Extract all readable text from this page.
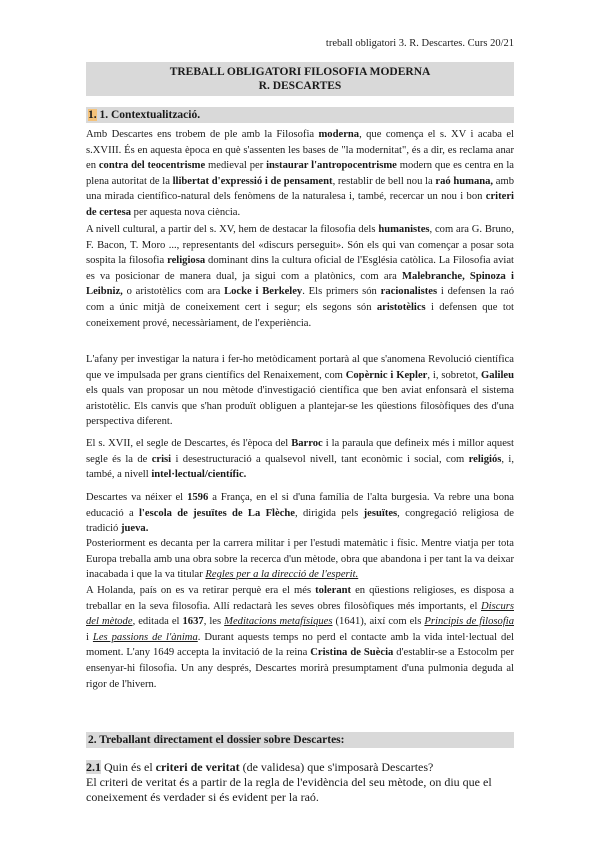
treball obligatori 3. R. Descartes. Curs 20/21
TREBALL OBLIGATORI FILOSOFIA MODERNA
R. DESCARTES
1. 1. Contextualització.
Amb Descartes ens trobem de ple amb la Filosofia moderna, que comença el s. XV i acaba el s.XVIII. És en aquesta època en què s'assenten les bases de "la modernitat", és a dir, es reclama anar en contra del teocentrisme medieval per instaurar l'antropocentrisme modern que es centra en la plena autoritat de la llibertat d'expressió i de pensament, restablir de bell nou la raó humana, amb una mirada científico-natural dels fenòmens de la naturalesa i, també, recercar un nou i bon criteri de certesa per aquesta nova ciència.
A nivell cultural, a partir del s. XV, hem de destacar la filosofia dels humanistes, com ara G. Bruno, F. Bacon, T. Moro ..., representants del «discurs perseguit». Són els qui van començar a posar sota sospita la filosofia religiosa dominant dins la cultura oficial de l'Església catòlica. La Filosofia aviat es va posicionar de manera dual, ja sigui com a platònics, com ara Malebranche, Spinoza i Leibniz, o aristotèlics com ara Locke i Berkeley. Els primers són racionalistes i defensen la raó com a únic mitjà de coneixement cert i segur; els segons són aristotèlics i defensen que tot coneixement prové, necessàriament, de l'experiència.
L'afany per investigar la natura i fer-ho metòdicament portarà al que s'anomena Revolució científica que ve impulsada per grans científics del Renaixement, com Copèrnic i Kepler, i, sobretot, Galileu els quals van proposar un nou mètode d'investigació científica que ben aviat enfonsarà el sistema aristotèlic. Els canvis que s'han produït obliguen a plantejar-se les qüestions filosòfiques des d'una perspectiva diferent.
El s. XVII, el segle de Descartes, és l'època del Barroc i la paraula que defineix més i millor aquest segle és la de crisi i desestructuració a qualsevol nivell, tant econòmic i social, com religiós, i, també, a nivell intel·lectual/científic.
Descartes va néixer el 1596 a França, en el si d'una família de l'alta burgesia. Va rebre una bona educació a l'escola de jesuïtes de La Flèche, dirigida pels jesuïtes, congregació religiosa de tradició jueva.
Posteriorment es decanta per la carrera militar i per l'estudi matemàtic i físic. Mentre viatja per tota Europa treballa amb una obra sobre la recerca d'un mètode, obra que abandona i per tant la va deixar inacabada i que la va titular Regles per a la direcció de l'esperit.
A Holanda, país on es va retirar perquè era el més tolerant en qüestions religioses, es disposa a treballar en la seva filosofia. Allí redactarà les seves obres filosòfiques més importants, el Discurs del mètode, editada el 1637, les Meditacions metafísiques (1641), així com els Principis de filosofia i Les passions de l'ànima. Durant aquests temps no perd el contacte amb la vida intel·lectual del moment. L'any 1649 accepta la invitació de la reina Cristina de Suècia d'establir-se a Estocolm per ensenyar-hi filosofia. Un any després, Descartes morirà presumptament d'una pulmonia deguda al rigor de l'hivern.
2. Treballant directament el dossier sobre Descartes:
2.1 Quin és el criteri de veritat (de validesa) que s'imposarà Descartes?
El criteri de veritat és a partir de la regla de l'evidència del seu mètode, on diu que el coneixement és verdader si és evident per la raó.
